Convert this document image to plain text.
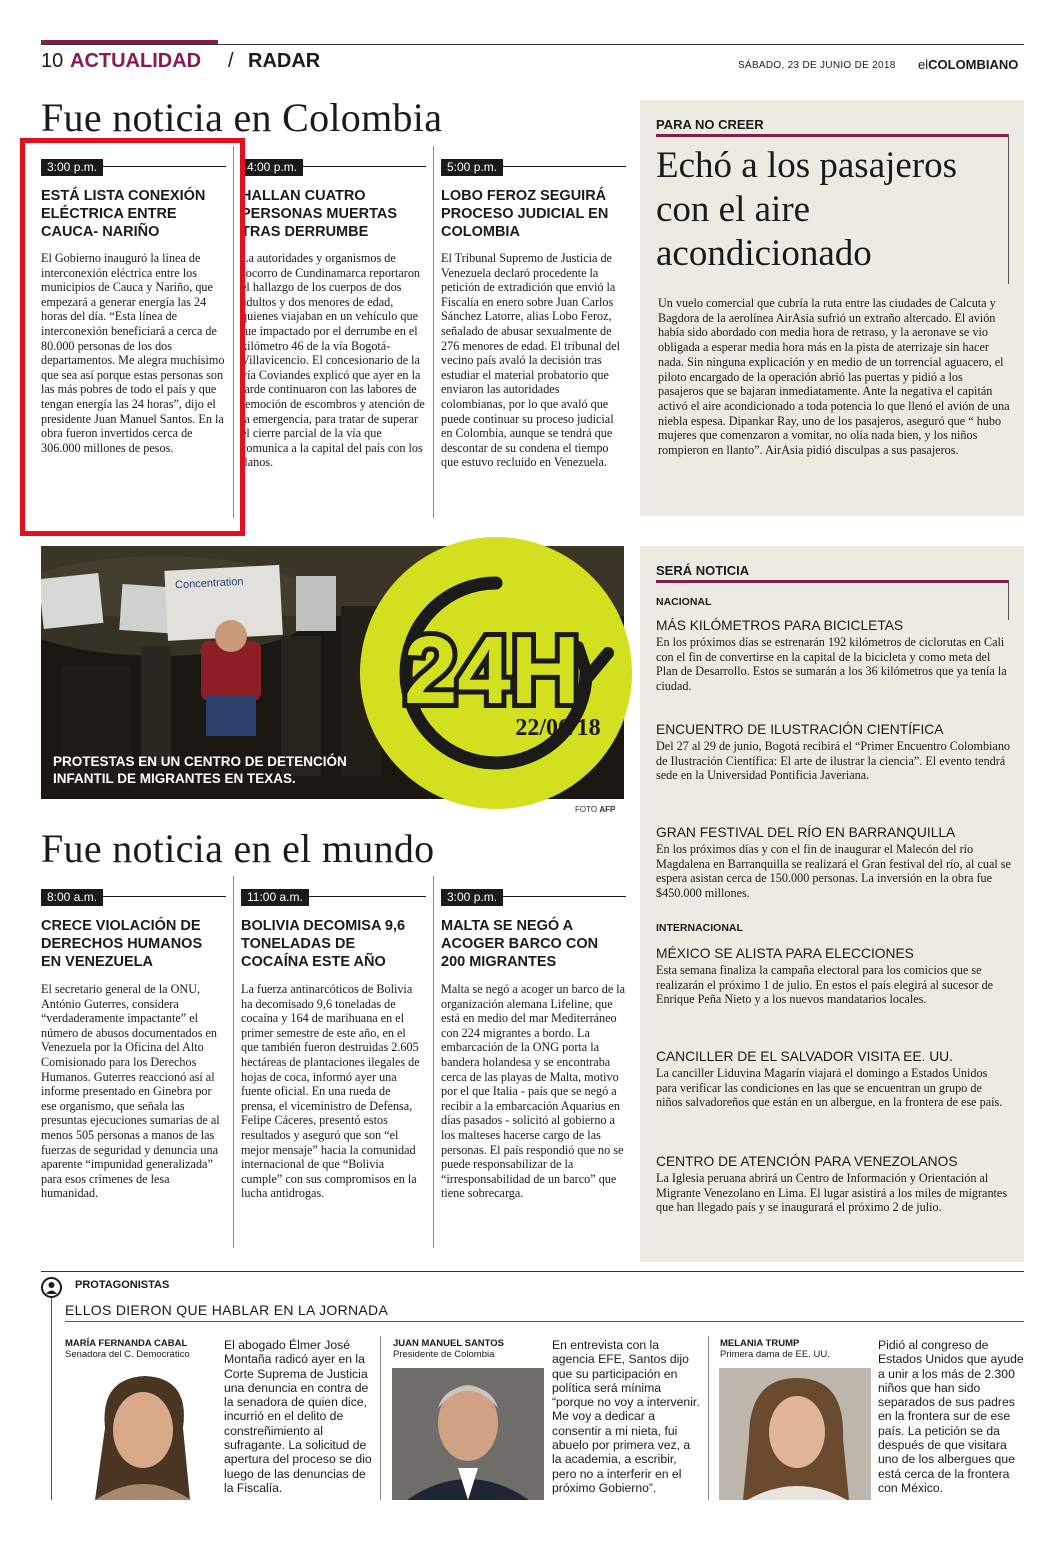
10 ACTUALIDAD / RADAR	SÁBADO, 23 DE JUNIO DE 2018 elCOLOMBIANO
Fue noticia en Colombia
3:00 p.m.
ESTÁ LISTA CONEXIÓN ELÉCTRICA ENTRE CAUCA- NARIÑO
El Gobierno inauguró la línea de interconexión eléctrica entre los municipios de Cauca y Nariño, que empezará a generar energía las 24 horas del día. “Esta línea de interconexión beneficiará a cerca de 80.000 personas de los dos departamentos. Me alegra muchísimo que sea así porque estas personas son las más pobres de todo el país y que tengan energía las 24 horas”, dijo el presidente Juan Manuel Santos. En la obra fueron invertidos cerca de 306.000 millones de pesos.
4:00 p.m.
HALLAN CUATRO PERSONAS MUERTAS TRAS DERRUMBE
La autoridades y organismos de socorro de Cundinamarca reportaron el hallazgo de los cuerpos de dos adultos y dos menores de edad, quienes viajaban en un vehículo que fue impactado por el derrumbe en el kilómetro 46 de la vía Bogotá-Villavicencio. El concesionario de la vía Coviandes explicó que ayer en la tarde continuaron con las labores de remoción de escombros y atención de la emergencia, para tratar de superar el cierre parcial de la vía que comunica a la capital del país con los llanos.
5:00 p.m.
LOBO FEROZ SEGUIRÁ PROCESO JUDICIAL EN COLOMBIA
El Tribunal Supremo de Justicia de Venezuela declaró procedente la petición de extradición que envió la Fiscalía en enero sobre Juan Carlos Sánchez Latorre, alias Lobo Feroz, señalado de abusar sexualmente de 276 menores de edad. El tribunal del vecino país avaló la decisión tras estudiar el material probatorio que enviaron las autoridades colombianas, por lo que avaló que puede continuar su proceso judicial en Colombia, aunque se tendrá que descontar de su condena el tiempo que estuvo recluido en Venezuela.
PARA NO CREER
Echó a los pasajeros con el aire acondicionado
Un vuelo comercial que cubría la ruta entre las ciudades de Calcuta y Bagdora de la aerolínea AirAsia sufrió un extraño altercado. El avión había sido abordado con media hora de retraso, y la aeronave se vio obligada a esperar media hora más en la pista de aterrizaje sin hacer nada. Sin ninguna explicación y en medio de un torrencial aguacero, el piloto encargado de la operación abrió las puertas y pidió a los pasajeros que se bajaran inmediatamente. Ante la negativa el capitán activó el aire acondicionado a toda potencia lo que llenó el avión de una niebla espesa. Dipankar Ray, uno de los pasajeros, aseguró que “ hubo mujeres que comenzaron a vomitar, no olía nada bien, y los niños rompieron en llanto”. AirAsia pidió disculpas a sus pasajeros.
Concentration
PROTESTAS EN UN CENTRO DE DETENCIÓN
INFANTIL DE MIGRANTES EN TEXAS.
24H
22/06/18
FOTO AFP
Fue noticia en el mundo
8:00 a.m.
CRECE VIOLACIÓN DE DERECHOS HUMANOS EN VENEZUELA
El secretario general de la ONU, António Guterres, considera “verdaderamente impactante” el número de abusos documentados en Venezuela por la Oficina del Alto Comisionado para los Derechos Humanos. Guterres reaccionó así al informe presentado en Ginebra por ese organismo, que señala las presuntas ejecuciones sumarias de al menos 505 personas a manos de las fuerzas de seguridad y denuncia una aparente “impunidad generalizada” para esos crímenes de lesa humanidad.
11:00 a.m.
BOLIVIA DECOMISA 9,6 TONELADAS DE COCAÍNA ESTE AÑO
La fuerza antinarcóticos de Bolivia ha decomisado 9,6 toneladas de cocaína y 164 de marihuana en el primer semestre de este año, en el que también fueron destruidas 2.605 hectáreas de plantaciones ilegales de hojas de coca, informó ayer una fuente oficial. En una rueda de prensa, el viceministro de Defensa, Felipe Cáceres, presentó estos resultados y aseguró que son “el mejor mensaje” hacia la comunidad internacional de que “Bolivia cumple” con sus compromisos en la lucha antidrogas.
3:00 p.m.
MALTA SE NEGÓ A ACOGER BARCO CON 200 MIGRANTES
Malta se negó a acoger un barco de la organización alemana Lifeline, que está en medio del mar Mediterráneo con 224 migrantes a bordo. La embarcación de la ONG porta la bandera holandesa y se encontraba cerca de las playas de Malta, motivo por el que Italia - país que se negó a recibir a la embarcación Aquarius en días pasados - solicitó al gobierno a los malteses hacerse cargo de las personas. El país respondió que no se puede responsabilizar de la “irresponsabilidad de un barco” que tiene sobrecarga.
SERÁ NOTICIA
NACIONAL
MÁS KILÓMETROS PARA BICICLETAS
En los próximos días se estrenarán 192 kilómetros de ciclorutas en Cali con el fin de convertirse en la capital de la bicicleta y como meta del Plan de Desarrollo. Estos se sumarán a los 36 kilómetros que ya tenía la ciudad.
ENCUENTRO DE ILUSTRACIÓN CIENTÍFICA
Del 27 al 29 de junio, Bogotá recibirá el “Primer Encuentro Colombiano de Ilustración Científica: El arte de ilustrar la ciencia”. El evento tendrá sede en la Universidad Pontificia Javeriana.
GRAN FESTIVAL DEL RÍO EN BARRANQUILLA
En los próximos días y con el fin de inaugurar el Malecón del río Magdalena en Barranquilla se realizará el Gran festival del río, al cual se espera asistan cerca de 150.000 personas. La inversión en la obra fue $450.000 millones.
INTERNACIONAL
MÉXICO SE ALISTA PARA ELECCIONES
Esta semana finaliza la campaña electoral para los comicios que se realizarán el próximo 1 de julio. En estos el país elegirá al sucesor de Enrique Peña Nieto y a los nuevos mandatarios locales.
CANCILLER DE EL SALVADOR VISITA EE. UU.
La canciller Liduvina Magarín viajará el domingo a Estados Unidos para verificar las condiciones en las que se encuentran un grupo de niños salvadoreños que están en un albergue, en la frontera de ese país.
CENTRO DE ATENCIÓN PARA VENEZOLANOS
La Iglesia peruana abrirá un Centro de Información y Orientación al Migrante Venezolano en Lima. El lugar asistirá a los miles de migrantes que han llegado país y se inaugurará el próximo 2 de julio.
PROTAGONISTAS
ELLOS DIERON QUE HABLAR EN LA JORNADA
MARÍA FERNANDA CABAL
Senadora del C. Democrático
El abogado Élmer José Montaña radicó ayer en la Corte Suprema de Justicia una denuncia en contra de la senadora de quien dice, incurrió en el delito de constreñimiento al sufragante. La solicitud de apertura del proceso se dio luego de las denuncias de la Fiscalía.
JUAN MANUEL SANTOS
Presidente de Colombia
En entrevista con la agencia EFE, Santos dijo que su participación en política será mínima “porque no voy a intervenir. Me voy a dedicar a consentir a mi nieta, fui abuelo por primera vez, a la academia, a escribir, pero no a interferir en el próximo Gobierno”.
MELANIA TRUMP
Primera dama de EE. UU.
Pidió al congreso de Estados Unidos que ayude a unir a los más de 2.300 niños que han sido separados de sus padres en la frontera sur de ese país. La petición se da después de que visitara uno de los albergues que está cerca de la frontera con México.
